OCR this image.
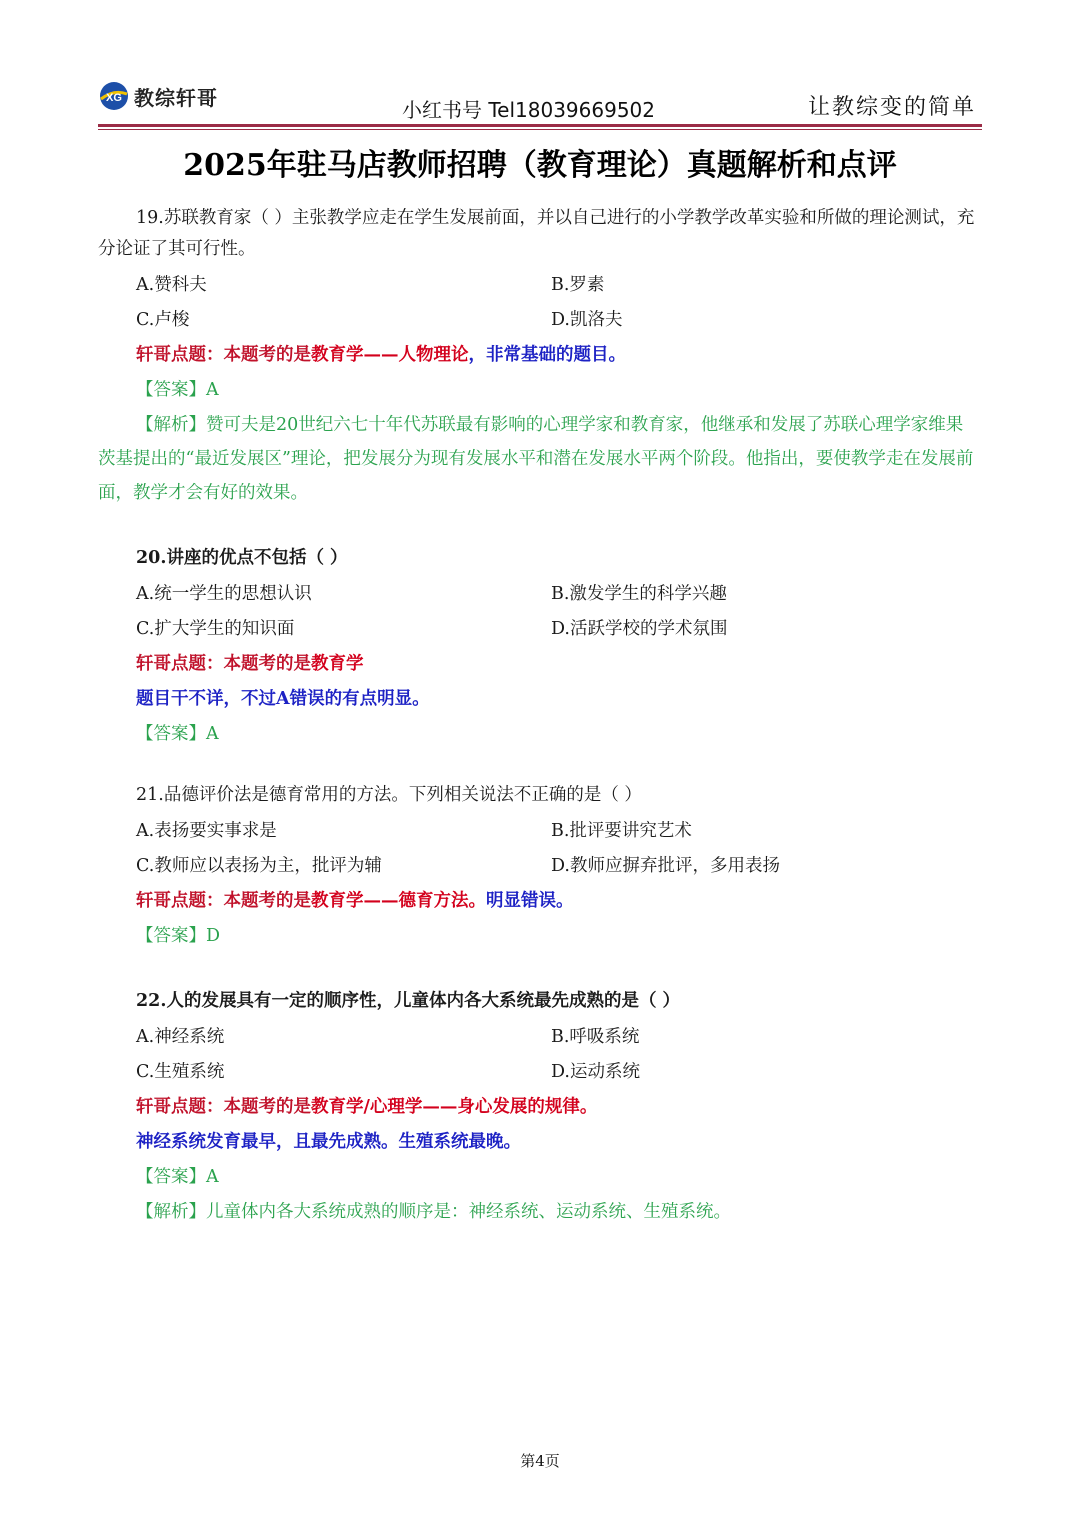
XG 教综轩哥
小红书号 Tel18039669502	让教综变的简单
2025年驻马店教师招聘（教育理论）真题解析和点评

19.苏联教育家（ ）主张教学应走在学生发展前面，并以自己进行的小学教学改革实验和所做的理论测试，充分论证了其可行性。

A.赞科夫	B.罗素
C.卢梭	D.凯洛夫
轩哥点题：本题考的是教育学——人物理论，非常基础的题目。
【答案】A

【解析】赞可夫是20世纪六七十年代苏联最有影响的心理学家和教育家，他继承和发展了苏联心理学家维果茨基提出的“最近发展区”理论，把发展分为现有发展水平和潜在发展水平两个阶段。他指出，要使教学走在发展前面，教学才会有好的效果。

20.讲座的优点不包括（ ）

A.统一学生的思想认识	B.激发学生的科学兴趣
C.扩大学生的知识面	D.活跃学校的学术氛围
轩哥点题：本题考的是教育学
题目干不详，不过A错误的有点明显。
【答案】A

21.品德评价法是德育常用的方法。下列相关说法不正确的是（ ）

A.表扬要实事求是	B.批评要讲究艺术
C.教师应以表扬为主，批评为辅	D.教师应摒弃批评，多用表扬
轩哥点题：本题考的是教育学——德育方法。明显错误。
【答案】D

22.人的发展具有一定的顺序性，儿童体内各大系统最先成熟的是（ ）

A.神经系统	B.呼吸系统
C.生殖系统	D.运动系统
轩哥点题：本题考的是教育学/心理学——身心发展的规律。
神经系统发育最早，且最先成熟。生殖系统最晚。
【答案】A

【解析】儿童体内各大系统成熟的顺序是：神经系统、运动系统、生殖系统。

第4页
